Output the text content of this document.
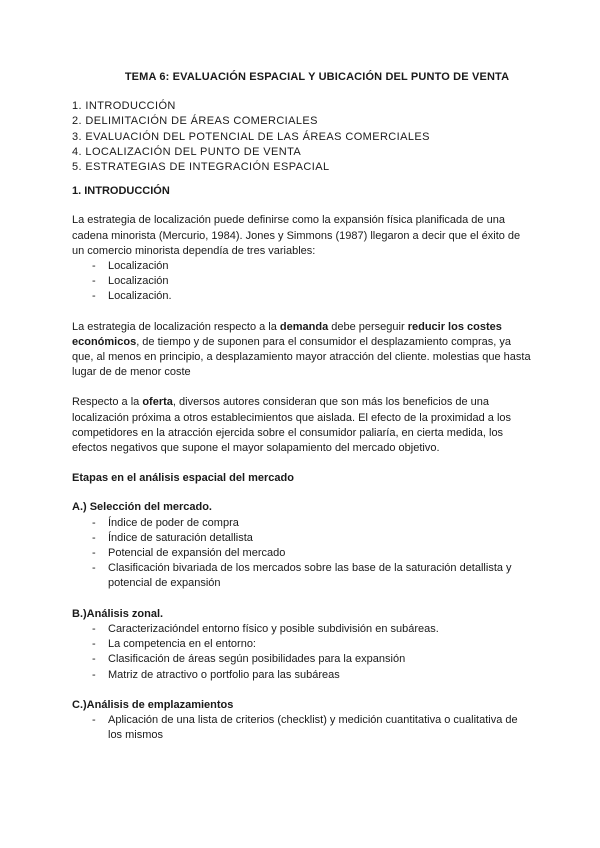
TEMA 6: EVALUACIÓN ESPACIAL Y UBICACIÓN DEL PUNTO DE VENTA
1. INTRODUCCIÓN
2. DELIMITACIÓN DE ÁREAS COMERCIALES
3. EVALUACIÓN DEL POTENCIAL DE LAS ÁREAS COMERCIALES
4. LOCALIZACIÓN DEL PUNTO DE VENTA
5. ESTRATEGIAS DE INTEGRACIÓN ESPACIAL
1. INTRODUCCIÓN

La estrategia de localización puede definirse como la expansión física planificada de una cadena minorista (Mercurio, 1984). Jones y Simmons (1987) llegaron a decir que el éxito de un comercio minorista dependía de tres variables:

- Localización
- Localización
- Localización.

La estrategia de localización respecto a la demanda debe perseguir reducir los costes económicos, de tiempo y de suponen para el consumidor el desplazamiento compras, ya que, al menos en principio, a desplazamiento mayor atracción del cliente. molestias que hasta lugar de de menor coste

Respecto a la oferta, diversos autores consideran que son más los beneficios de una localización próxima a otros establecimientos que aislada. El efecto de la proximidad a los competidores en la atracción ejercida sobre el consumidor paliaría, en cierta medida, los efectos negativos que supone el mayor solapamiento del mercado objetivo.

Etapas en el análisis espacial del mercado
A.) Selección del mercado.
- Índice de poder de compra
- Índice de saturación detallista
- Potencial de expansión del mercado
- Clasificación bivariada de los mercados sobre las base de la saturación detallista y potencial de expansión
B.)Análisis zonal.
- Caracterizacióndel entorno físico y posible subdivisión en subáreas.
- La competencia en el entorno:
- Clasificación de áreas según posibilidades para la expansión
- Matriz de atractivo o portfolio para las subáreas
C.)Análisis de emplazamientos
- Aplicación de una lista de criterios (checklist) y medición cuantitativa o cualitativa de los mismos
